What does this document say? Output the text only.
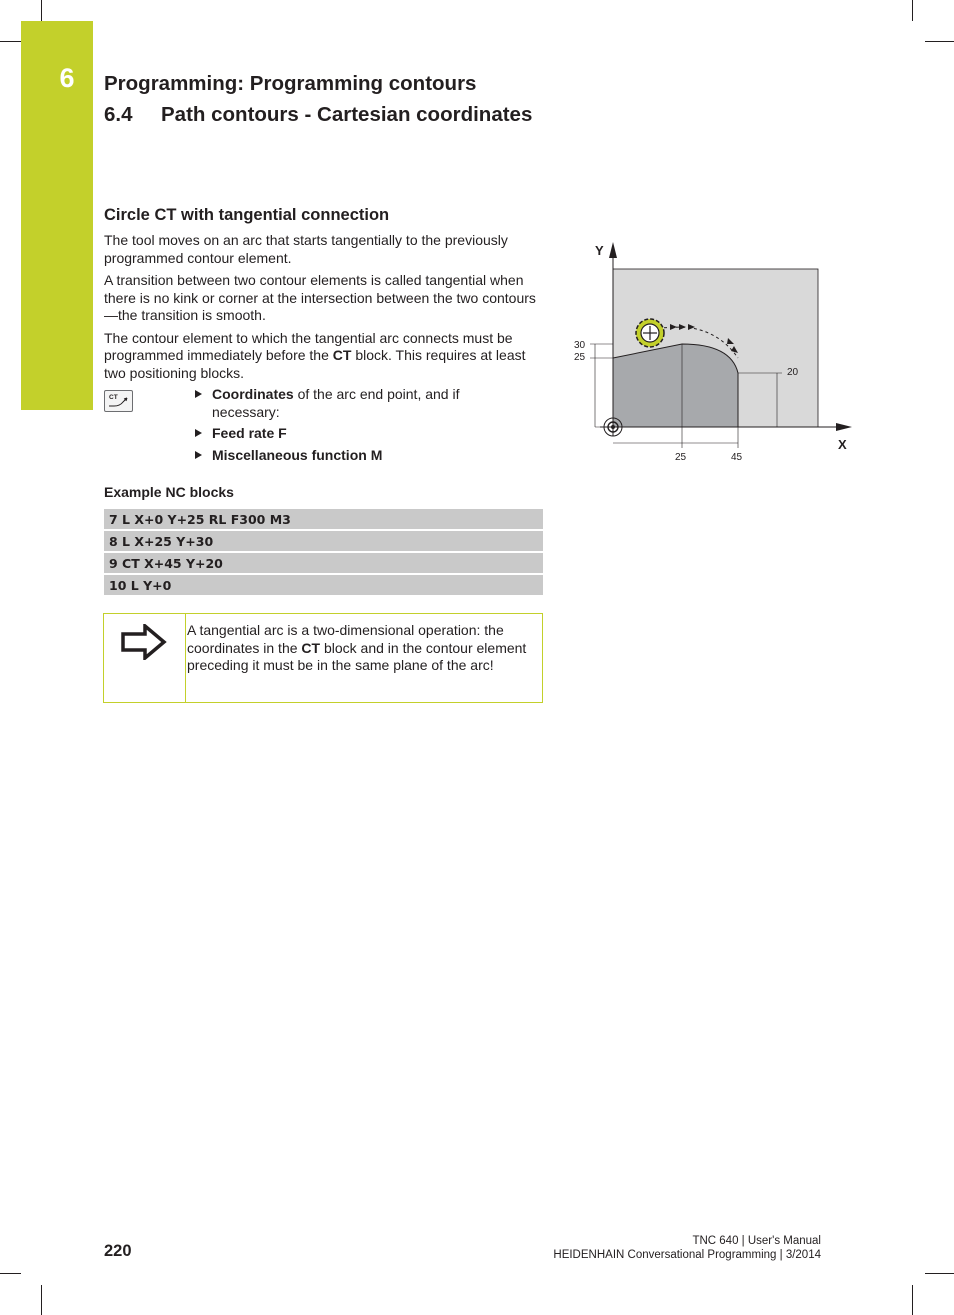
6	Programming: Programming contours
6.4 Path contours - Cartesian coordinates
Circle CT with tangential connection

The tool moves on an arc that starts tangentially to the previously programmed contour element.

A transition between two contour elements is called tangential when there is no kink or corner at the intersection between the two contours—the transition is smooth.

The contour element to which the tangential arc connects must be programmed immediately before the CT block. This requires at least two positioning blocks.

CT	Coordinates of the arc end point, and if necessary:
Feed rate F
Miscellaneous function M
Example NC blocks
7 L X+0 Y+25 RL F300 M3
8 L X+25 Y+30
9 CT X+45 Y+20
10 L Y+0
A tangential arc is a two-dimensional operation: the coordinates in the CT block and in the contour element preceding it must be in the same plane of the arc!
Y
X
30
25
20
25	45
220
TNC 640 | User's Manual
HEIDENHAIN Conversational Programming | 3/2014
